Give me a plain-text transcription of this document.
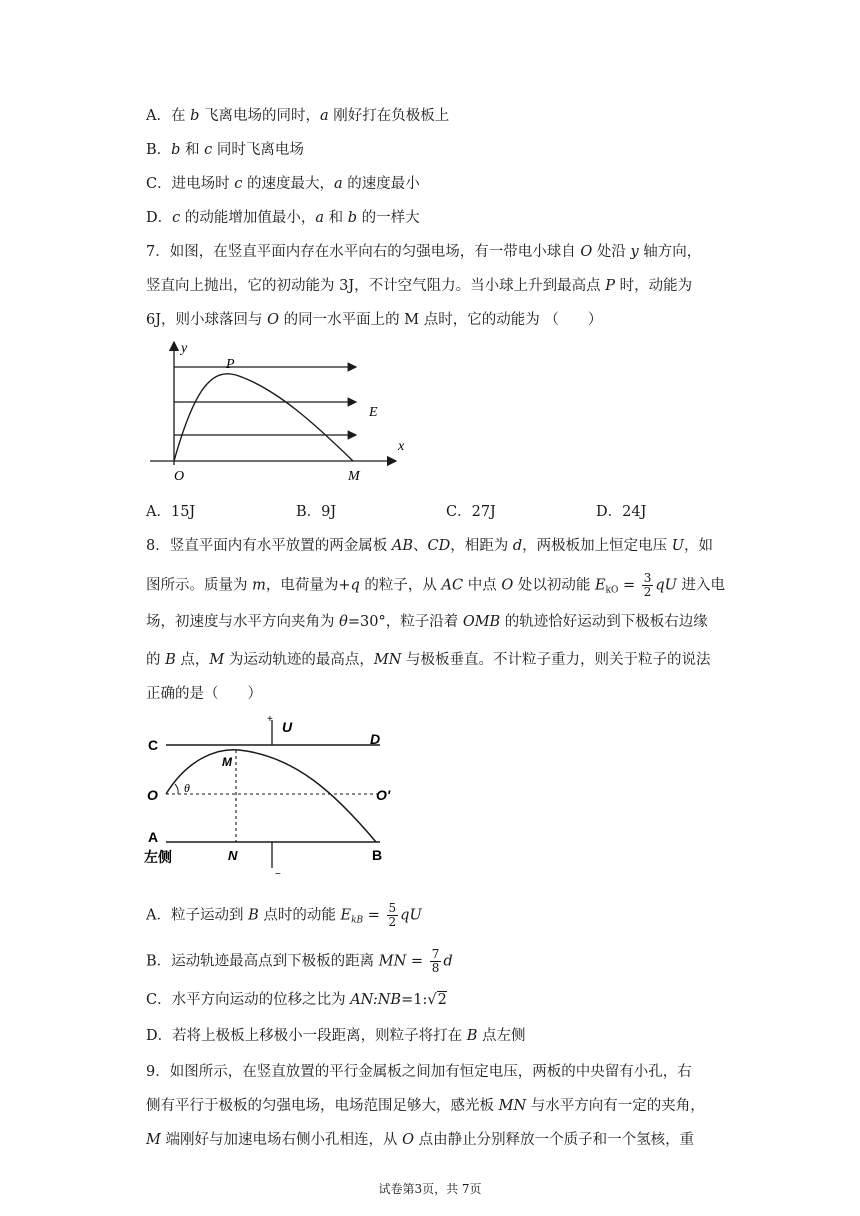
A．在 b 飞离电场的同时，a 刚好打在负极板上
B．b 和 c 同时飞离电场
C．进电场时 c 的速度最大，a 的速度最小
D．c 的动能增加值最小，a 和 b 的一样大
7．如图，在竖直平面内存在水平向右的匀强电场，有一带电小球自 O 处沿 y 轴方向，
竖直向上抛出，它的初动能为 3J，不计空气阻力。当小球上升到最高点 P 时，动能为
6J，则小球落回与 O 的同一水平面上的 M 点时，它的动能为 （　　）
y
P
E
x
O	M
A．15J	B．9J	C．27J	D．24J
8．竖直平面内有水平放置的两金属板 AB、CD，相距为 d，两极板加上恒定电压 U，如
图所示。质量为 m，电荷量为+q 的粒子，从 AC 中点 O 处以初动能 $E_{kO} = \frac{3}{2}$ qU 进入电
场，初速度与水平方向夹角为 θ=30°，粒子沿着 OMB 的轨迹恰好运动到下极板右边缘
的 B 点，M 为运动轨迹的最高点，MN 与极板垂直。不计粒子重力，则关于粒子的说法
正确的是（　　）
C	D
+ U
−
M
θ
O	O'
A
左侧	N	B
A．粒子运动到 B 点时的动能 $E_{kB} = \frac{5}{2}$ qU
B．运动轨迹最高点到下极板的距离 MN = $\frac{7}{8}$ d
C．水平方向运动的位移之比为 AN:NB=1:√2
D．若将上极板上移极小一段距离，则粒子将打在 B 点左侧
9．如图所示，在竖直放置的平行金属板之间加有恒定电压，两板的中央留有小孔，右
侧有平行于极板的匀强电场，电场范围足够大，感光板 MN 与水平方向有一定的夹角，
M 端刚好与加速电场右侧小孔相连，从 O 点由静止分别释放一个质子和一个氢核，重
试卷第3页，共 7页
